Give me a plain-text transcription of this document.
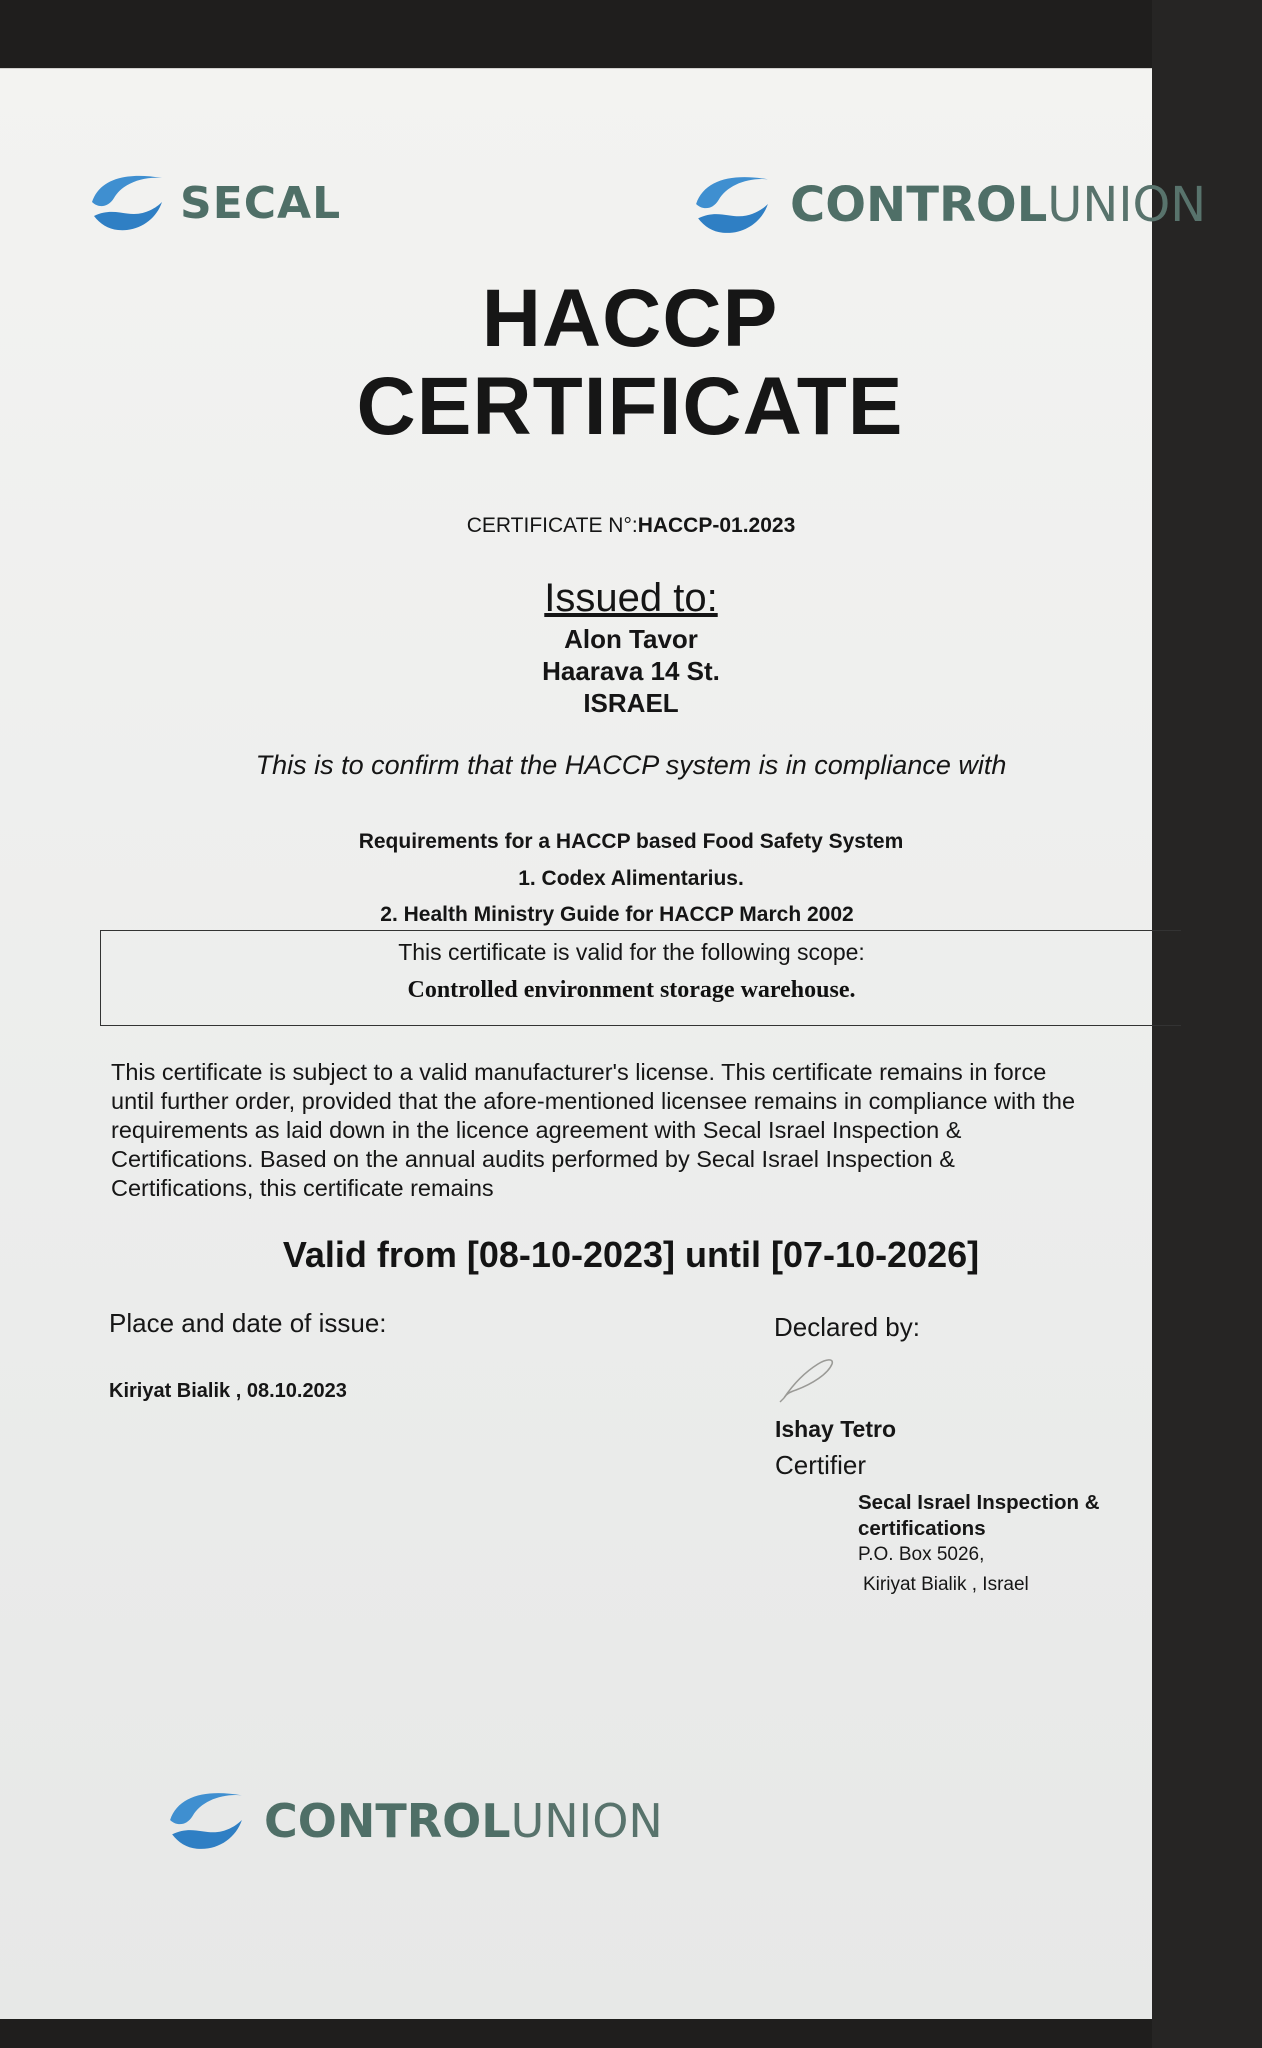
SECAL	CONTROLUNION
HACCP
CERTIFICATE
CERTIFICATE N°:HACCP-01.2023
Issued to:
Alon Tavor
Haarava 14 St.
ISRAEL
This is to confirm that the HACCP system is in compliance with
Requirements for a HACCP based Food Safety System
1. Codex Alimentarius.
2. Health Ministry Guide for HACCP March 2002
This certificate is valid for the following scope:
Controlled environment storage warehouse.
This certificate is subject to a valid manufacturer's license. This certificate remains in force
until further order, provided that the afore-mentioned licensee remains in compliance with the
requirements as laid down in the licence agreement with Secal Israel Inspection &
Certifications. Based on the annual audits performed by Secal Israel Inspection &
Certifications, this certificate remains
Valid from [08-10-2023] until [07-10-2026]
Place and date of issue:
Kiriyat Bialik , 08.10.2023
Declared by:
Ishay Tetro
Certifier
Secal Israel Inspection &
certifications
P.O. Box 5026,
Kiriyat Bialik , Israel
CONTROLUNION
